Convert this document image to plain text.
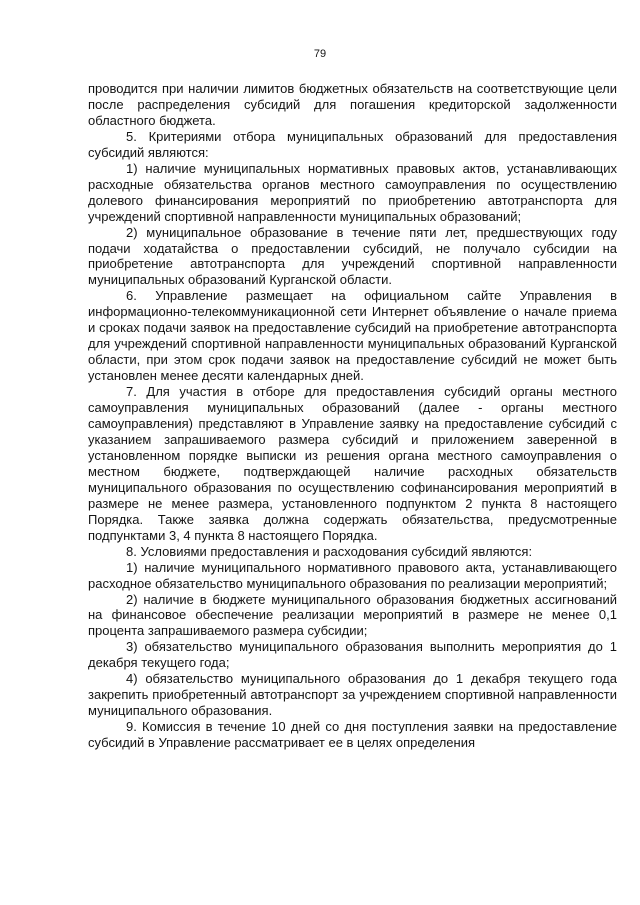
79

проводится при наличии лимитов бюджетных обязательств на соответствующие цели после распределения субсидий для погашения кредиторской задолженности областного бюджета.

5. Критериями отбора муниципальных образований для предоставления субсидий являются:

1) наличие муниципальных нормативных правовых актов, устанавливающих расходные обязательства органов местного самоуправления по осуществлению долевого финансирования мероприятий по приобретению автотранспорта для учреждений спортивной направленности муниципальных образований;

2) муниципальное образование в течение пяти лет, предшествующих году подачи ходатайства о предоставлении субсидий, не получало субсидии на приобретение автотранспорта для учреждений спортивной направленности муниципальных образований Курганской области.

6. Управление размещает на официальном сайте Управления в информационно-телекоммуникационной сети Интернет объявление о начале приема и сроках подачи заявок на предоставление субсидий на приобретение автотранспорта для учреждений спортивной направленности муниципальных образований Курганской области, при этом срок подачи заявок на предоставление субсидий не может быть установлен менее десяти календарных дней.

7. Для участия в отборе для предоставления субсидий органы местного самоуправления муниципальных образований (далее - органы местного самоуправления) представляют в Управление заявку на предоставление субсидий с указанием запрашиваемого размера субсидий и приложением заверенной в установленном порядке выписки из решения органа местного самоуправления о местном бюджете, подтверждающей наличие расходных обязательств муниципального образования по осуществлению софинансирования мероприятий в размере не менее размера, установленного подпунктом 2 пункта 8 настоящего Порядка. Также заявка должна содержать обязательства, предусмотренные подпунктами 3, 4 пункта 8 настоящего Порядка.

8. Условиями предоставления и расходования субсидий являются:

1) наличие муниципального нормативного правового акта, устанавливающего расходное обязательство муниципального образования по реализации мероприятий;

2) наличие в бюджете муниципального образования бюджетных ассигнований на финансовое обеспечение реализации мероприятий в размере не менее 0,1 процента запрашиваемого размера субсидии;

3) обязательство муниципального образования выполнить мероприятия до 1 декабря текущего года;

4) обязательство муниципального образования до 1 декабря текущего года закрепить приобретенный автотранспорт за учреждением спортивной направленности муниципального образования.

9. Комиссия в течение 10 дней со дня поступления заявки на предоставление субсидий в Управление рассматривает ее в целях определения
